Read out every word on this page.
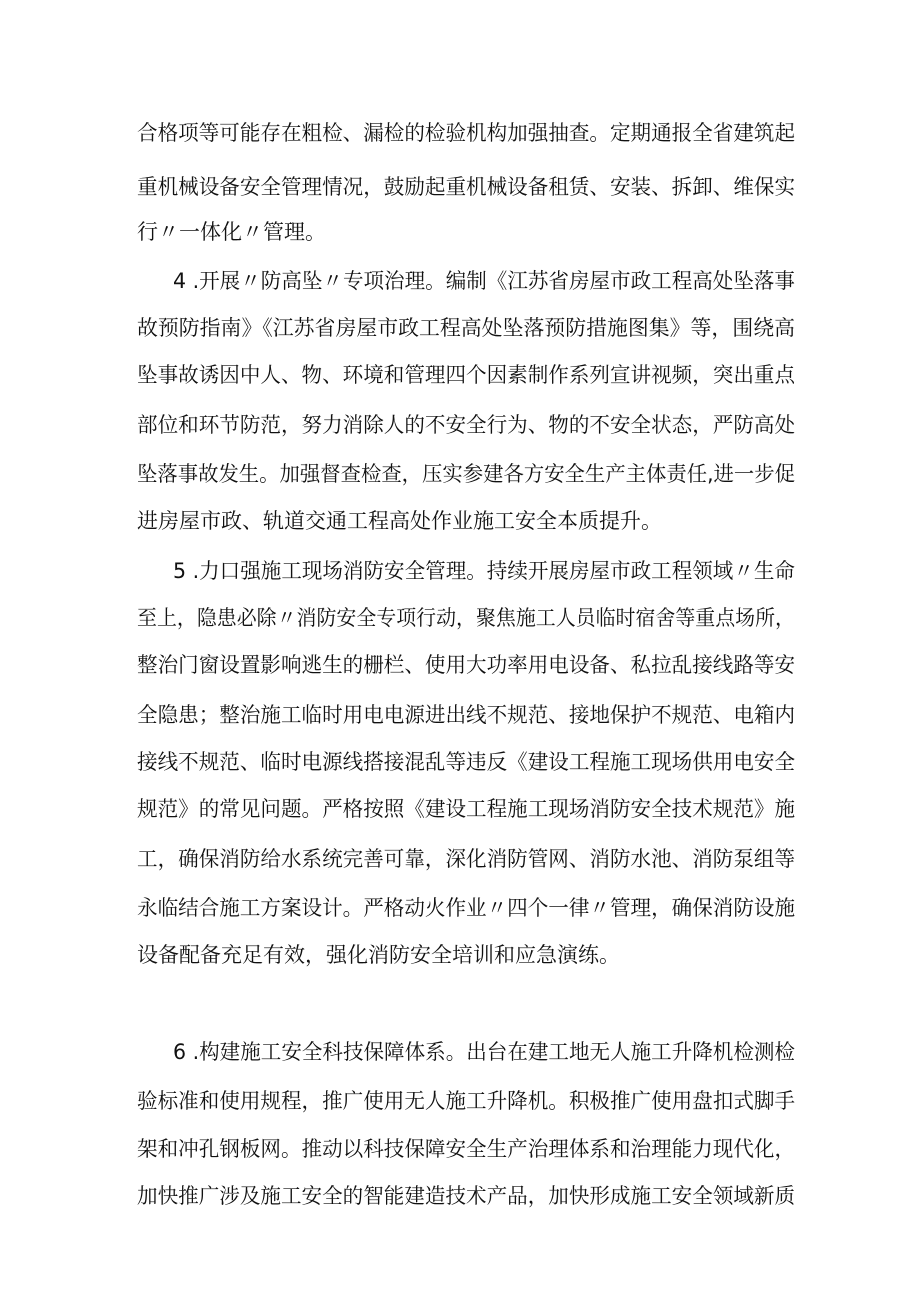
合格项等可能存在粗检、漏检的检验机构加强抽查。定期通报全省建筑起
重机械设备安全管理情况，鼓励起重机械设备租赁、安装、拆卸、维保实
行〃一体化〃管理。
4 .开展〃防高坠〃专项治理。编制《江苏省房屋市政工程高处坠落事
故预防指南》《江苏省房屋市政工程高处坠落预防措施图集》等，围绕高
坠事故诱因中人、物、环境和管理四个因素制作系列宣讲视频，突出重点
部位和环节防范，努力消除人的不安全行为、物的不安全状态，严防高处
坠落事故发生。加强督查检查，压实参建各方安全生产主体责任,进一步促
进房屋市政、轨道交通工程高处作业施工安全本质提升。
5 .力口强施工现场消防安全管理。持续开展房屋市政工程领域〃生命
至上，隐患必除〃消防安全专项行动，聚焦施工人员临时宿舍等重点场所，
整治门窗设置影响逃生的栅栏、使用大功率用电设备、私拉乱接线路等安
全隐患；整治施工临时用电电源进出线不规范、接地保护不规范、电箱内
接线不规范、临时电源线搭接混乱等违反《建设工程施工现场供用电安全
规范》的常见问题。严格按照《建设工程施工现场消防安全技术规范》施
工，确保消防给水系统完善可靠，深化消防管网、消防水池、消防泵组等
永临结合施工方案设计。严格动火作业〃四个一律〃管理，确保消防设施
设备配备充足有效，强化消防安全培训和应急演练。
6 .构建施工安全科技保障体系。出台在建工地无人施工升降机检测检
验标准和使用规程，推广使用无人施工升降机。积极推广使用盘扣式脚手
架和冲孔钢板网。推动以科技保障安全生产治理体系和治理能力现代化，
加快推广涉及施工安全的智能建造技术产品，加快形成施工安全领域新质
